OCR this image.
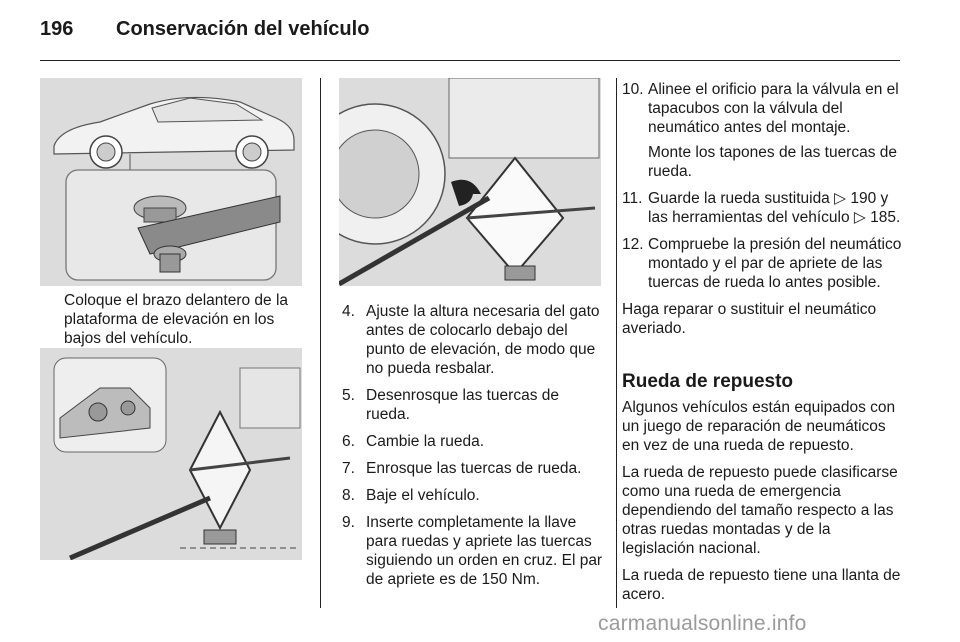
196 Conservación del vehículo
Coloque el brazo delantero de la plataforma de elevación en los bajos del vehículo.
4. Ajuste la altura necesaria del gato antes de colocarlo debajo del punto de elevación, de modo que no pueda resbalar.
5. Desenrosque las tuercas de rueda.
6. Cambie la rueda.
7. Enrosque las tuercas de rueda.
8. Baje el vehículo.
9. Inserte completamente la llave para ruedas y apriete las tuercas siguiendo un orden en cruz. El par de apriete es de 150 Nm.
10. Alinee el orificio para la válvula en el tapacubos con la válvula del neumático antes del montaje.
Monte los tapones de las tuercas de rueda.
11. Guarde la rueda sustituida ▷ 190 y las herramientas del vehículo ▷ 185.
12. Compruebe la presión del neumático montado y el par de apriete de las tuercas de rueda lo antes posible.

Haga reparar o sustituir el neumático averiado.

Rueda de repuesto

Algunos vehículos están equipados con un juego de reparación de neumáticos en vez de una rueda de repuesto.

La rueda de repuesto puede clasificarse como una rueda de emergencia dependiendo del tamaño respecto a las otras ruedas montadas y de la legislación nacional.

La rueda de repuesto tiene una llanta de acero.

carmanualsonline.info
